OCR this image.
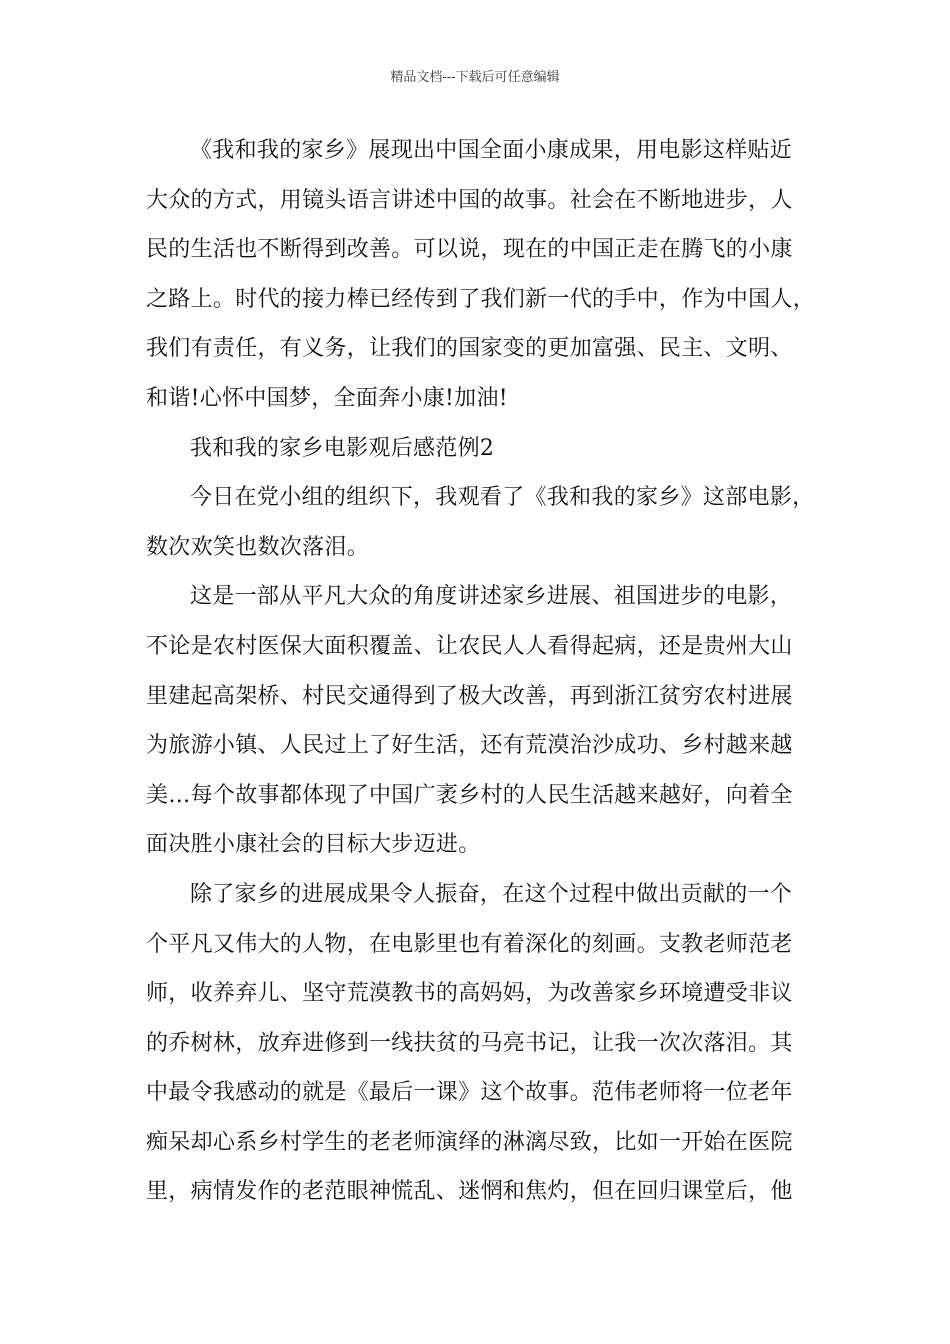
精品文档---下载后可任意编辑
《我和我的家乡》展现出中国全面小康成果，用电影这样贴近
大众的方式，用镜头语言讲述中国的故事。社会在不断地进步，人
民的生活也不断得到改善。可以说，现在的中国正走在腾飞的小康
之路上。时代的接力棒已经传到了我们新一代的手中，作为中国人，
我们有责任，有义务，让我们的国家变的更加富强、民主、文明、
和谐!心怀中国梦，全面奔小康!加油!
我和我的家乡电影观后感范例2
今日在党小组的组织下，我观看了《我和我的家乡》这部电影，
数次欢笑也数次落泪。
这是一部从平凡大众的角度讲述家乡进展、祖国进步的电影，
不论是农村医保大面积覆盖、让农民人人看得起病，还是贵州大山
里建起高架桥、村民交通得到了极大改善，再到浙江贫穷农村进展
为旅游小镇、人民过上了好生活，还有荒漠治沙成功、乡村越来越
美…每个故事都体现了中国广袤乡村的人民生活越来越好，向着全
面决胜小康社会的目标大步迈进。
除了家乡的进展成果令人振奋，在这个过程中做出贡献的一个
个平凡又伟大的人物，在电影里也有着深化的刻画。支教老师范老
师，收养弃儿、坚守荒漠教书的高妈妈，为改善家乡环境遭受非议
的乔树林，放弃进修到一线扶贫的马亮书记，让我一次次落泪。其
中最令我感动的就是《最后一课》这个故事。范伟老师将一位老年
痴呆却心系乡村学生的老老师演绎的淋漓尽致，比如一开始在医院
里，病情发作的老范眼神慌乱、迷惘和焦灼，但在回归课堂后，他
